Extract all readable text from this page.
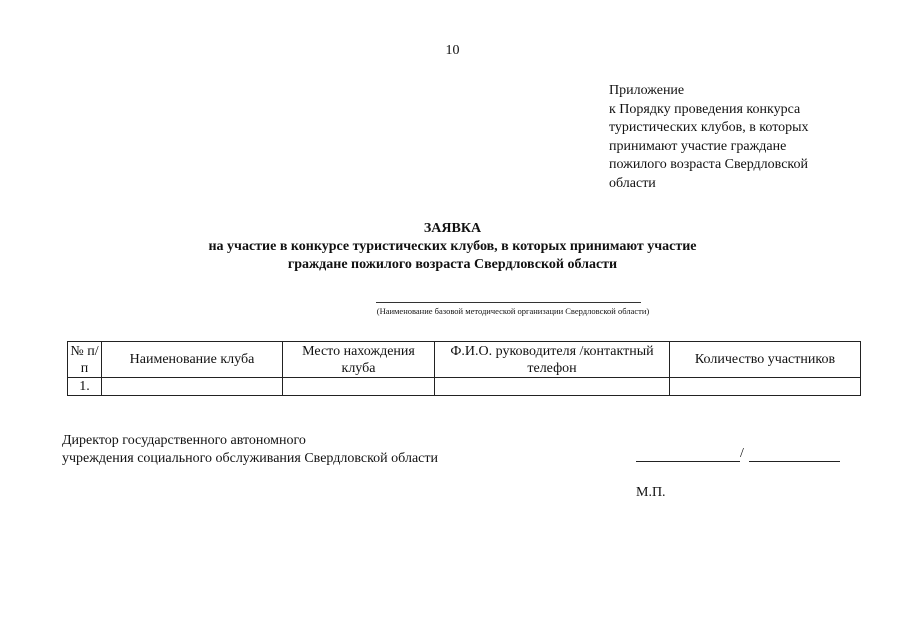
10
Приложение
к Порядку проведения конкурса
туристических клубов, в которых
принимают участие граждане
пожилого возраста Свердловской
области
ЗАЯВКА
на участие в конкурсе туристических клубов, в которых принимают участие
граждане пожилого возраста Свердловской области
(Наименование базовой методической организации Свердловской области)
№ п/п	Наименование клуба	Место нахождения клуба	Ф.И.О. руководителя /контактный телефон	Количество участников
1.				
Директор государственного автономного
учреждения социального обслуживания Свердловской области	/
М.П.
